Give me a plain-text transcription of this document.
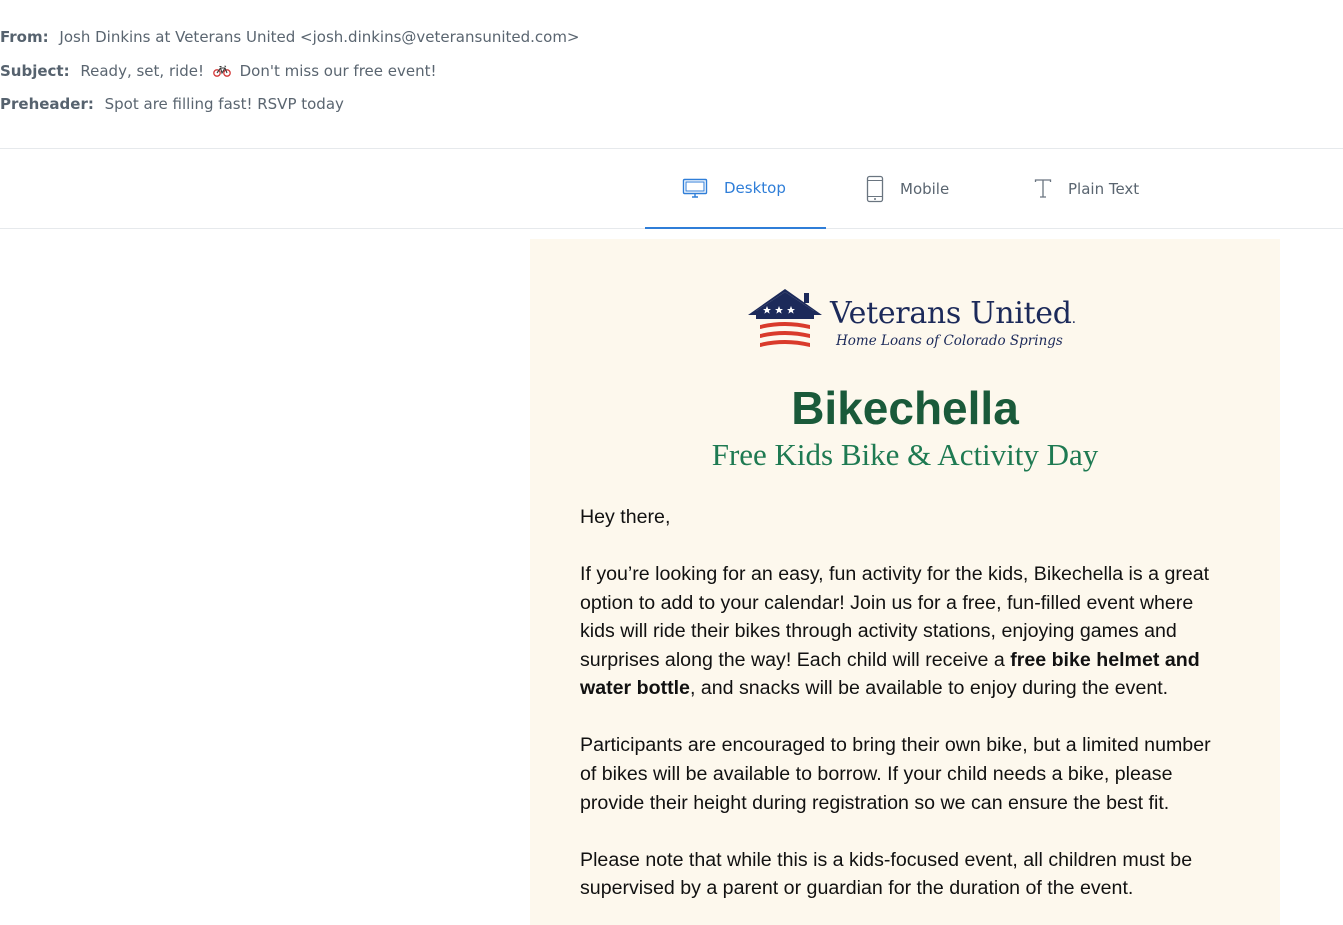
From: Josh Dinkins at Veterans United <josh.dinkins@veteransunited.com>
Subject: Ready, set, ride! Don't miss our free event!
Preheader: Spot are filling fast! RSVP today
Desktop	Mobile	Plain Text
Veterans United.
Home Loans of Colorado Springs
Bikechella
Free Kids Bike & Activity Day

Hey there,

If you’re looking for an easy, fun activity for the kids, Bikechella is a great option to add to your calendar! Join us for a free, fun-filled event where kids will ride their bikes through activity stations, enjoying games and surprises along the way! Each child will receive a free bike helmet and water bottle, and snacks will be available to enjoy during the event.

Participants are encouraged to bring their own bike, but a limited number of bikes will be available to borrow. If your child needs a bike, please provide their height during registration so we can ensure the best fit.

Please note that while this is a kids-focused event, all children must be supervised by a parent or guardian for the duration of the event.
